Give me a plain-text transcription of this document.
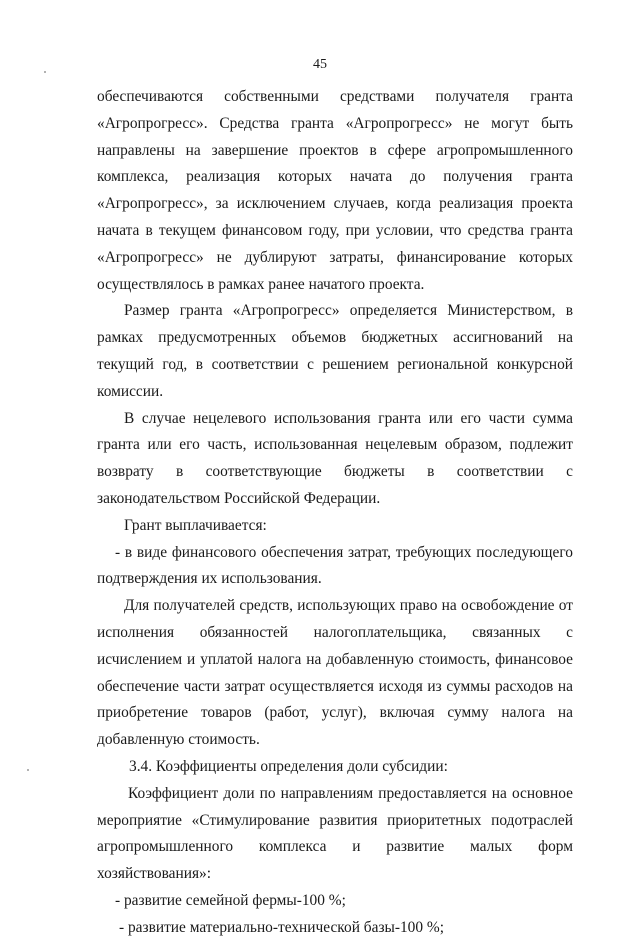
45

обеспечиваются собственными средствами получателя гранта «Агропрогресс». Средства гранта «Агропрогресс» не могут быть направлены на завершение проектов в сфере агропромышленного комплекса, реализация которых начата до получения гранта «Агропрогресс», за исключением случаев, когда реализация проекта начата в текущем финансовом году, при условии, что средства гранта «Агропрогресс» не дублируют затраты, финансирование которых осуществлялось в рамках ранее начатого проекта.

Размер гранта «Агропрогресс» определяется Министерством, в рамках предусмотренных объемов бюджетных ассигнований на текущий год, в соответствии с решением региональной конкурсной комиссии.

В случае нецелевого использования гранта или его части сумма гранта или его часть, использованная нецелевым образом, подлежит возврату в соответствующие бюджеты в соответствии с законодательством Российской Федерации.

Грант выплачивается:

- в виде финансового обеспечения затрат, требующих последующего подтверждения их использования.

Для получателей средств, использующих право на освобождение от исполнения обязанностей налогоплательщика, связанных с исчислением и уплатой налога на добавленную стоимость, финансовое обеспечение части затрат осуществляется исходя из суммы расходов на приобретение товаров (работ, услуг), включая сумму налога на добавленную стоимость.

3.4. Коэффициенты определения доли субсидии:

Коэффициент доли по направлениям предоставляется на основное мероприятие «Стимулирование развития приоритетных подотраслей агропромышленного комплекса и развитие малых форм хозяйствования»:

- развитие семейной фермы-100 %;

- развитие материально-технической базы-100 %;
